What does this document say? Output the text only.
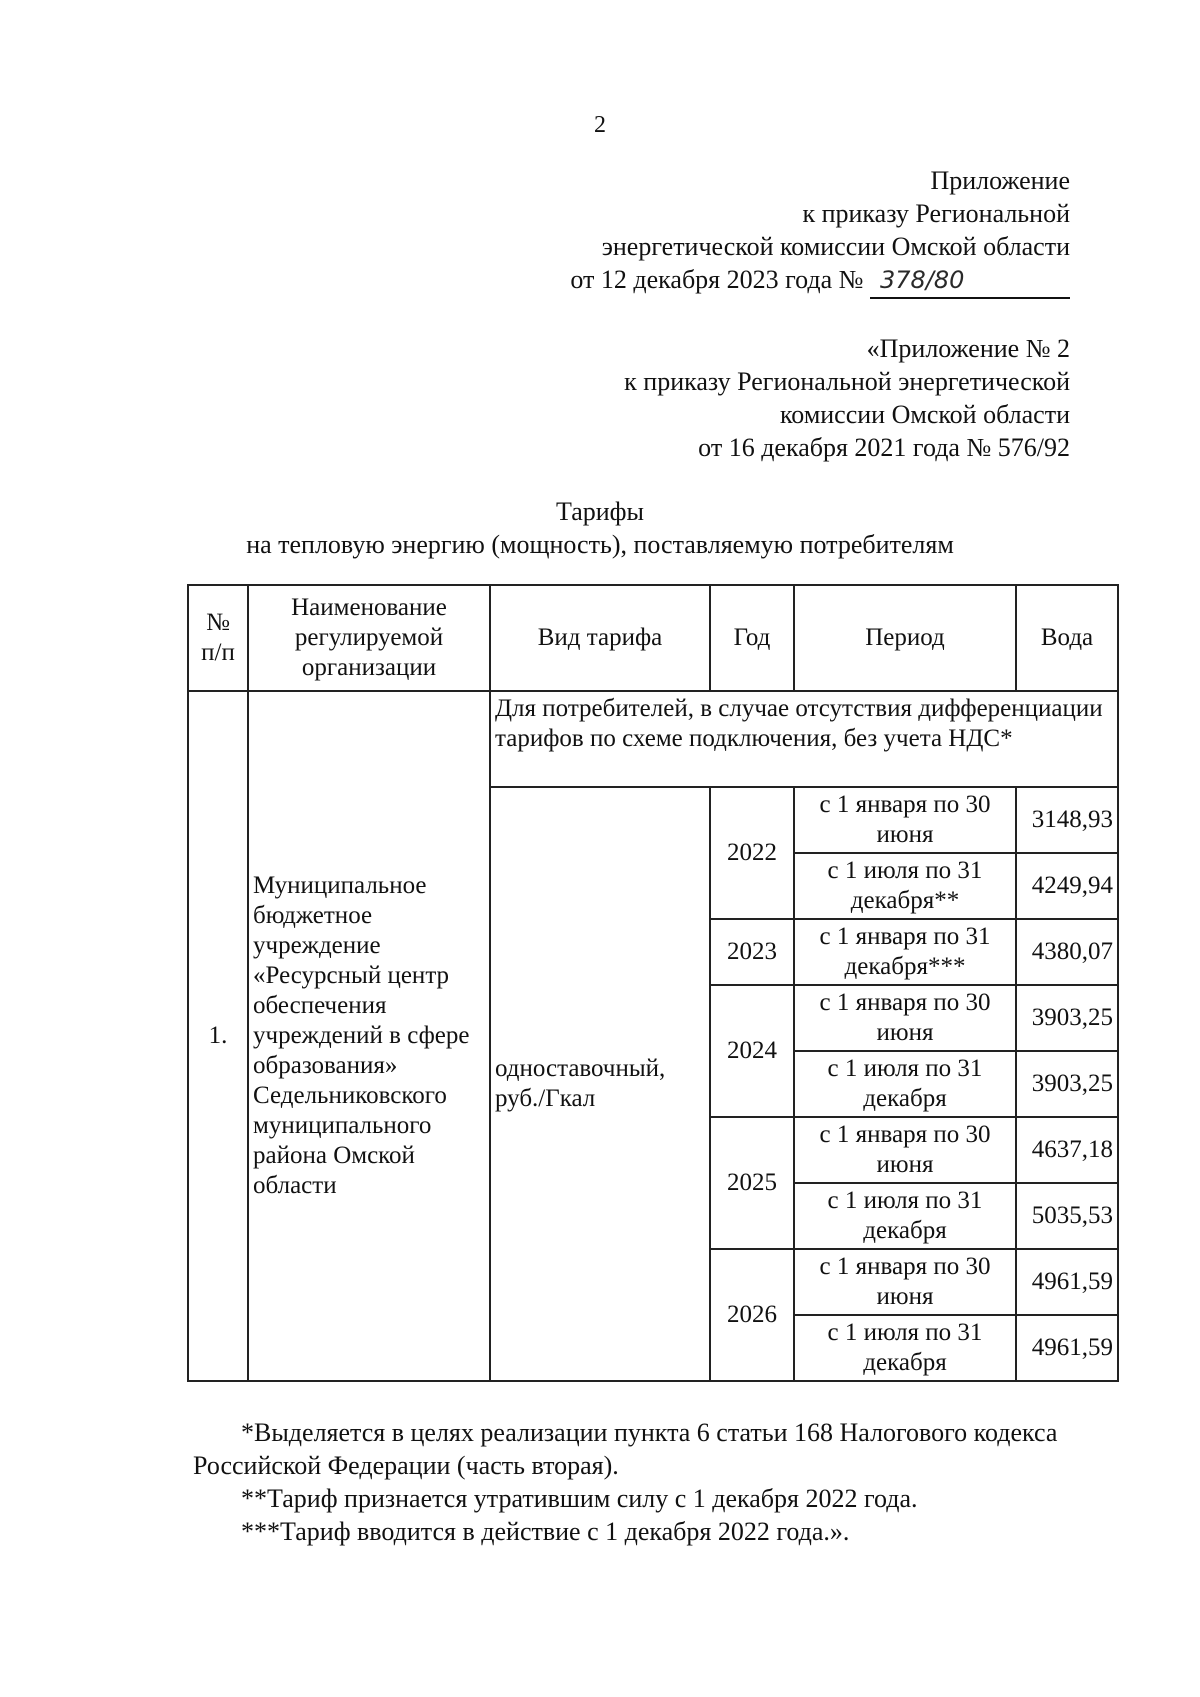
2
Приложение
к приказу Региональной
энергетической комиссии Омской области
от 12 декабря 2023 года № 378/80
«Приложение № 2
к приказу Региональной энергетической
комиссии Омской области
от 16 декабря 2021 года № 576/92
Тарифы
на тепловую энергию (мощность), поставляемую потребителям
№ п/п	Наименование регулируемой организации	Вид тарифа	Год	Период	Вода
1.	Муниципальное бюджетное учреждение «Ресурсный центр обеспечения учреждений в сфере образования» Седельниковского муниципального района Омской области	Для потребителей, в случае отсутствия дифференциации тарифов по схеме подключения, без учета НДС*			
		одноставочный, руб./Гкал	2022	с 1 января по 30 июня	3148,93
				с 1 июля по 31 декабря**	4249,94
			2023	с 1 января по 31 декабря***	4380,07
			2024	с 1 января по 30 июня	3903,25
				с 1 июля по 31 декабря	3903,25
			2025	с 1 января по 30 июня	4637,18
				с 1 июля по 31 декабря	5035,53
			2026	с 1 января по 30 июня	4961,59
				с 1 июля по 31 декабря	4961,59

*Выделяется в целях реализации пункта 6 статьи 168 Налогового кодекса Российской Федерации (часть вторая).

**Тариф признается утратившим силу с 1 декабря 2022 года.

***Тариф вводится в действие с 1 декабря 2022 года.».
